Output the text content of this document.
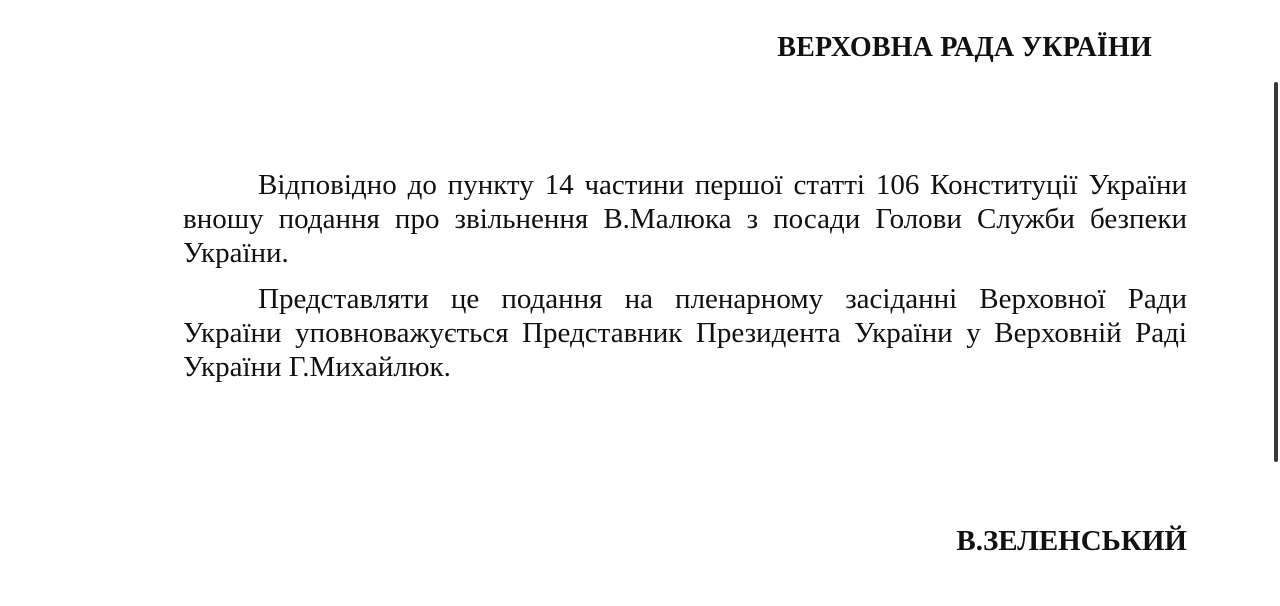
ВЕРХОВНА РАДА УКРАЇНИ

Відповідно до пункту 14 частини першої статті 106 Конституції України вношу подання про звільнення В.Малюка з посади Голови Служби безпеки України.

Представляти це подання на пленарному засіданні Верховної Ради України уповноважується Представник Президента України у Верховній Раді України Г.Михайлюк.

В.ЗЕЛЕНСЬКИЙ
